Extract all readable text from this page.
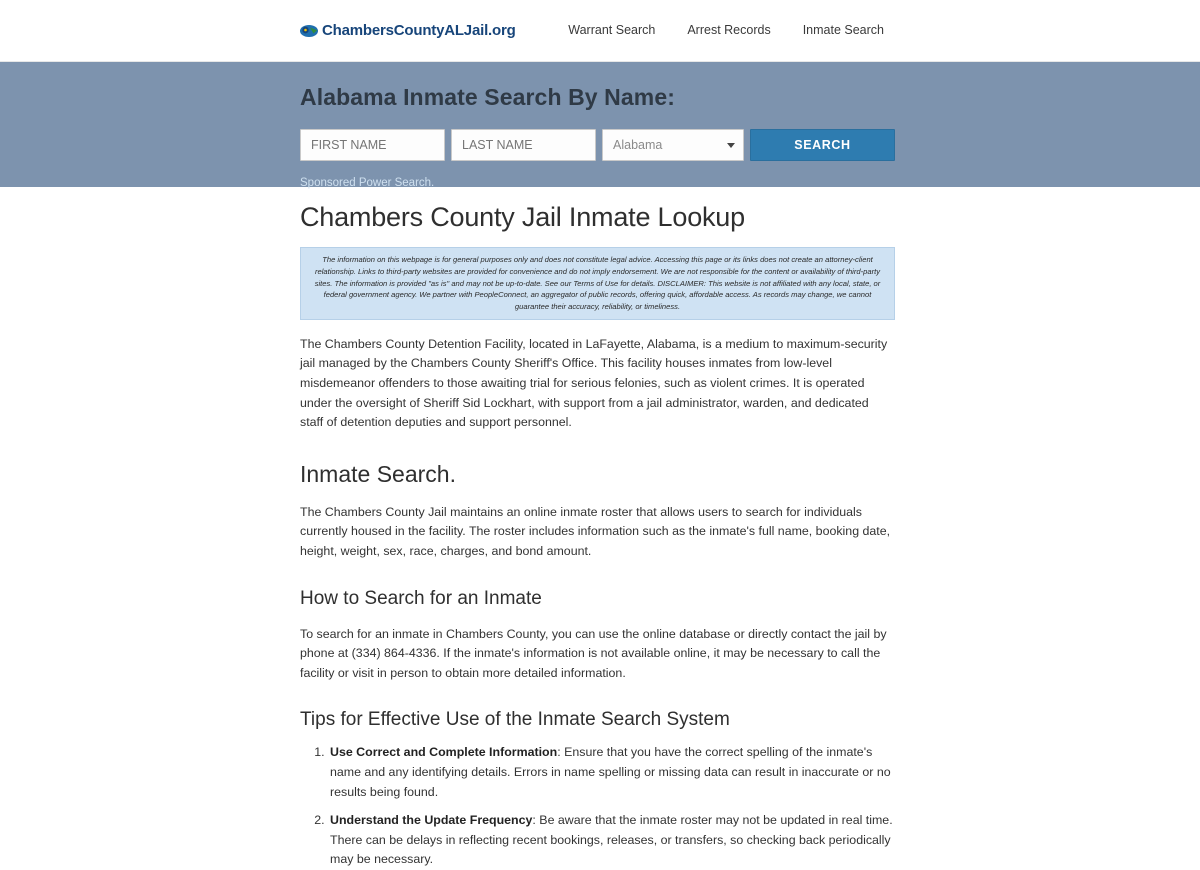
ChambersCountyALJail.org	Warrant Search	Arrest Records	Inmate Search
Alabama Inmate Search By Name:
FIRST NAME
LAST NAME
Alabama
SEARCH
Sponsored Power Search.
Chambers County Jail Inmate Lookup
The information on this webpage is for general purposes only and does not constitute legal advice. Accessing this page or its links does not create an attorney-client relationship. Links to third-party websites are provided for convenience and do not imply endorsement. We are not responsible for the content or availability of third-party sites. The information is provided "as is" and may not be up-to-date. See our Terms of Use for details. DISCLAIMER: This website is not affiliated with any local, state, or federal government agency. We partner with PeopleConnect, an aggregator of public records, offering quick, affordable access. As records may change, we cannot guarantee their accuracy, reliability, or timeliness.

The Chambers County Detention Facility, located in LaFayette, Alabama, is a medium to maximum-security jail managed by the Chambers County Sheriff's Office. This facility houses inmates from low-level misdemeanor offenders to those awaiting trial for serious felonies, such as violent crimes. It is operated under the oversight of Sheriff Sid Lockhart, with support from a jail administrator, warden, and dedicated staff of detention deputies and support personnel.

Inmate Search.

The Chambers County Jail maintains an online inmate roster that allows users to search for individuals currently housed in the facility. The roster includes information such as the inmate's full name, booking date, height, weight, sex, race, charges, and bond amount.

How to Search for an Inmate

To search for an inmate in Chambers County, you can use the online database or directly contact the jail by phone at (334) 864-4336. If the inmate's information is not available online, it may be necessary to call the facility or visit in person to obtain more detailed information.

Tips for Effective Use of the Inmate Search System
1. Use Correct and Complete Information: Ensure that you have the correct spelling of the inmate's name and any identifying details. Errors in name spelling or missing data can result in inaccurate or no results being found.
2. Understand the Update Frequency: Be aware that the inmate roster may not be updated in real time. There can be delays in reflecting recent bookings, releases, or transfers, so checking back periodically may be necessary.
